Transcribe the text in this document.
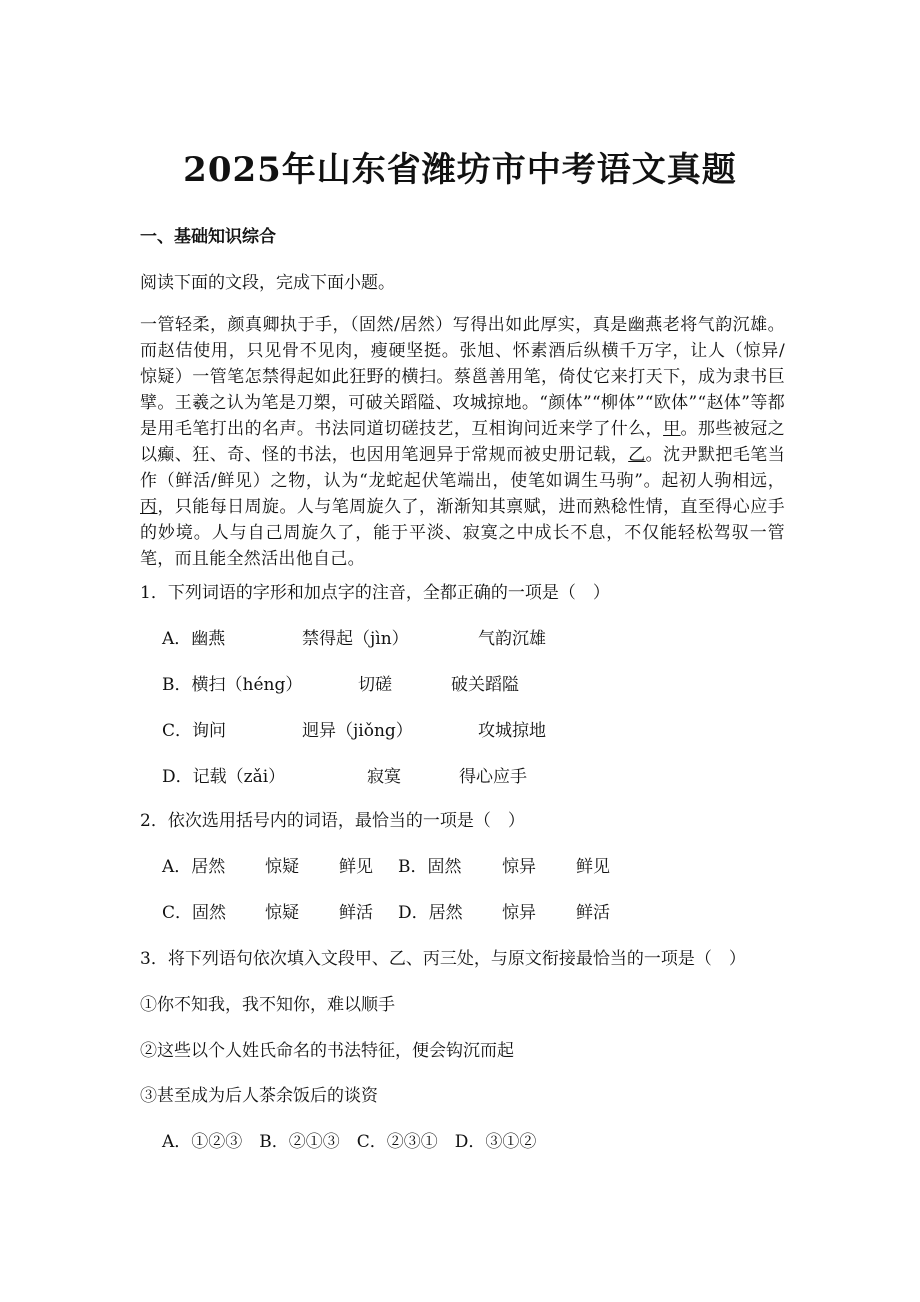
2025年山东省潍坊市中考语文真题
一、基础知识综合
阅读下面的文段，完成下面小题。

一管轻柔，颜真卿执于手，（固然/居然）写得出如此厚实，真是幽燕老将气韵沉雄。而赵佶使用，只见骨不见肉，瘦硬坚挺。张旭、怀素酒后纵横千万字，让人（惊异/惊疑）一管笔怎禁得起如此狂野的横扫。蔡邕善用笔，倚仗它来打天下，成为隶书巨擘。王羲之认为笔是刀槊，可破关蹈隘、攻城掠地。“颜体”“柳体”“欧体”“赵体”等都是用毛笔打出的名声。书法同道切磋技艺，互相询问近来学了什么，甲。那些被冠之以癫、狂、奇、怪的书法，也因用笔迥异于常规而被史册记载，乙。沈尹默把毛笔当作（鲜活/鲜见）之物，认为“龙蛇起伏笔端出，使笔如调生马驹”。起初人驹相远，丙，只能每日周旋。人与笔周旋久了，渐渐知其禀赋，进而熟稔性情，直至得心应手的妙境。人与自己周旋久了，能于平淡、寂寞之中成长不息，不仅能轻松驾驭一管笔，而且能全然活出他自己。

1．下列词语的字形和加点字的注音，全都正确的一项是（　）
A．幽燕	禁得起（jìn）	气韵沉雄
B．横扫（héng）	切磋	破关蹈隘
C．询问	迥异（jiǒng）	攻城掠地
D．记载（zǎi）	寂寞	得心应手
2．依次选用括号内的词语，最恰当的一项是（　）
A．居然 惊疑 鲜见 B．固然 惊异 鲜见
C．固然 惊疑 鲜活 D．居然 惊异 鲜活
3．将下列语句依次填入文段甲、乙、丙三处，与原文衔接最恰当的一项是（　）
①你不知我，我不知你，难以顺手
②这些以个人姓氏命名的书法特征，便会钩沉而起
③甚至成为后人茶余饭后的谈资
A．①②③　B．②①③　C．②③①　D．③①②
